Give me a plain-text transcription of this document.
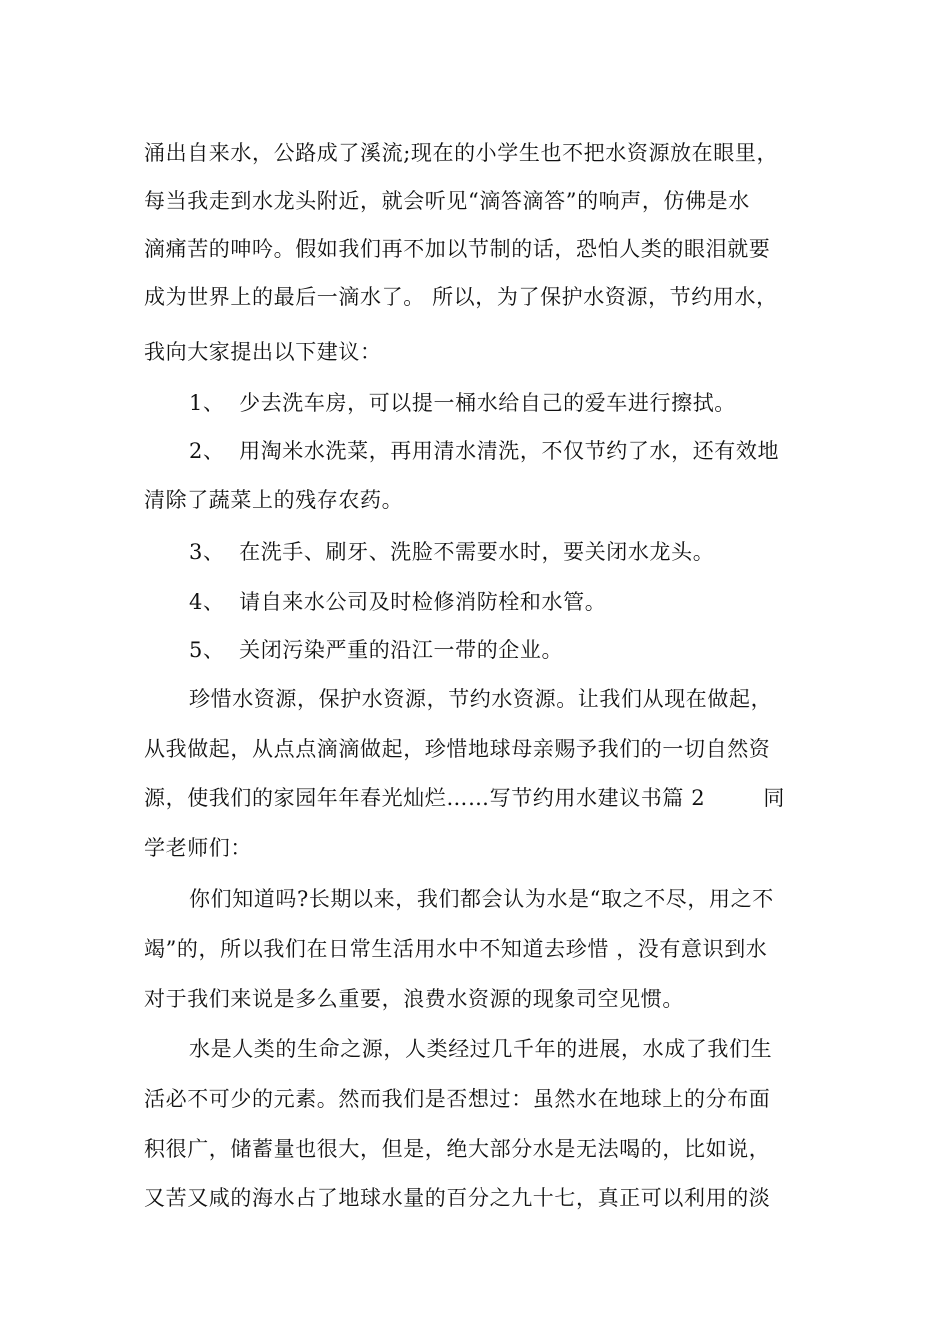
涌出自来水，公路成了溪流;现在的小学生也不把水资源放在眼里，
每当我走到水龙头附近，就会听见“滴答滴答”的响声，仿佛是水
滴痛苦的呻吟。假如我们再不加以节制的话，恐怕人类的眼泪就要
成为世界上的最后一滴水了。 所以，为了保护水资源，节约用水，
我向大家提出以下建议：
1、  少去洗车房，可以提一桶水给自己的爱车进行擦拭。
2、  用淘米水洗菜，再用清水清洗，不仅节约了水，还有效地
清除了蔬菜上的残存农药。
3、  在洗手、刷牙、洗脸不需要水时，要关闭水龙头。
4、  请自来水公司及时检修消防栓和水管。
5、  关闭污染严重的沿江一带的企业。
珍惜水资源，保护水资源，节约水资源。让我们从现在做起，
从我做起，从点点滴滴做起，珍惜地球母亲赐予我们的一切自然资
源，使我们的家园年年春光灿烂……写节约用水建议书篇 2        同
学老师们：
你们知道吗?长期以来，我们都会认为水是“取之不尽，用之不
竭”的，所以我们在日常生活用水中不知道去珍惜 ，没有意识到水
对于我们来说是多么重要，浪费水资源的现象司空见惯。
水是人类的生命之源，人类经过几千年的进展，水成了我们生
活必不可少的元素。然而我们是否想过：虽然水在地球上的分布面
积很广，储蓄量也很大，但是，绝大部分水是无法喝的，比如说，
又苦又咸的海水占了地球水量的百分之九十七，真正可以利用的淡
